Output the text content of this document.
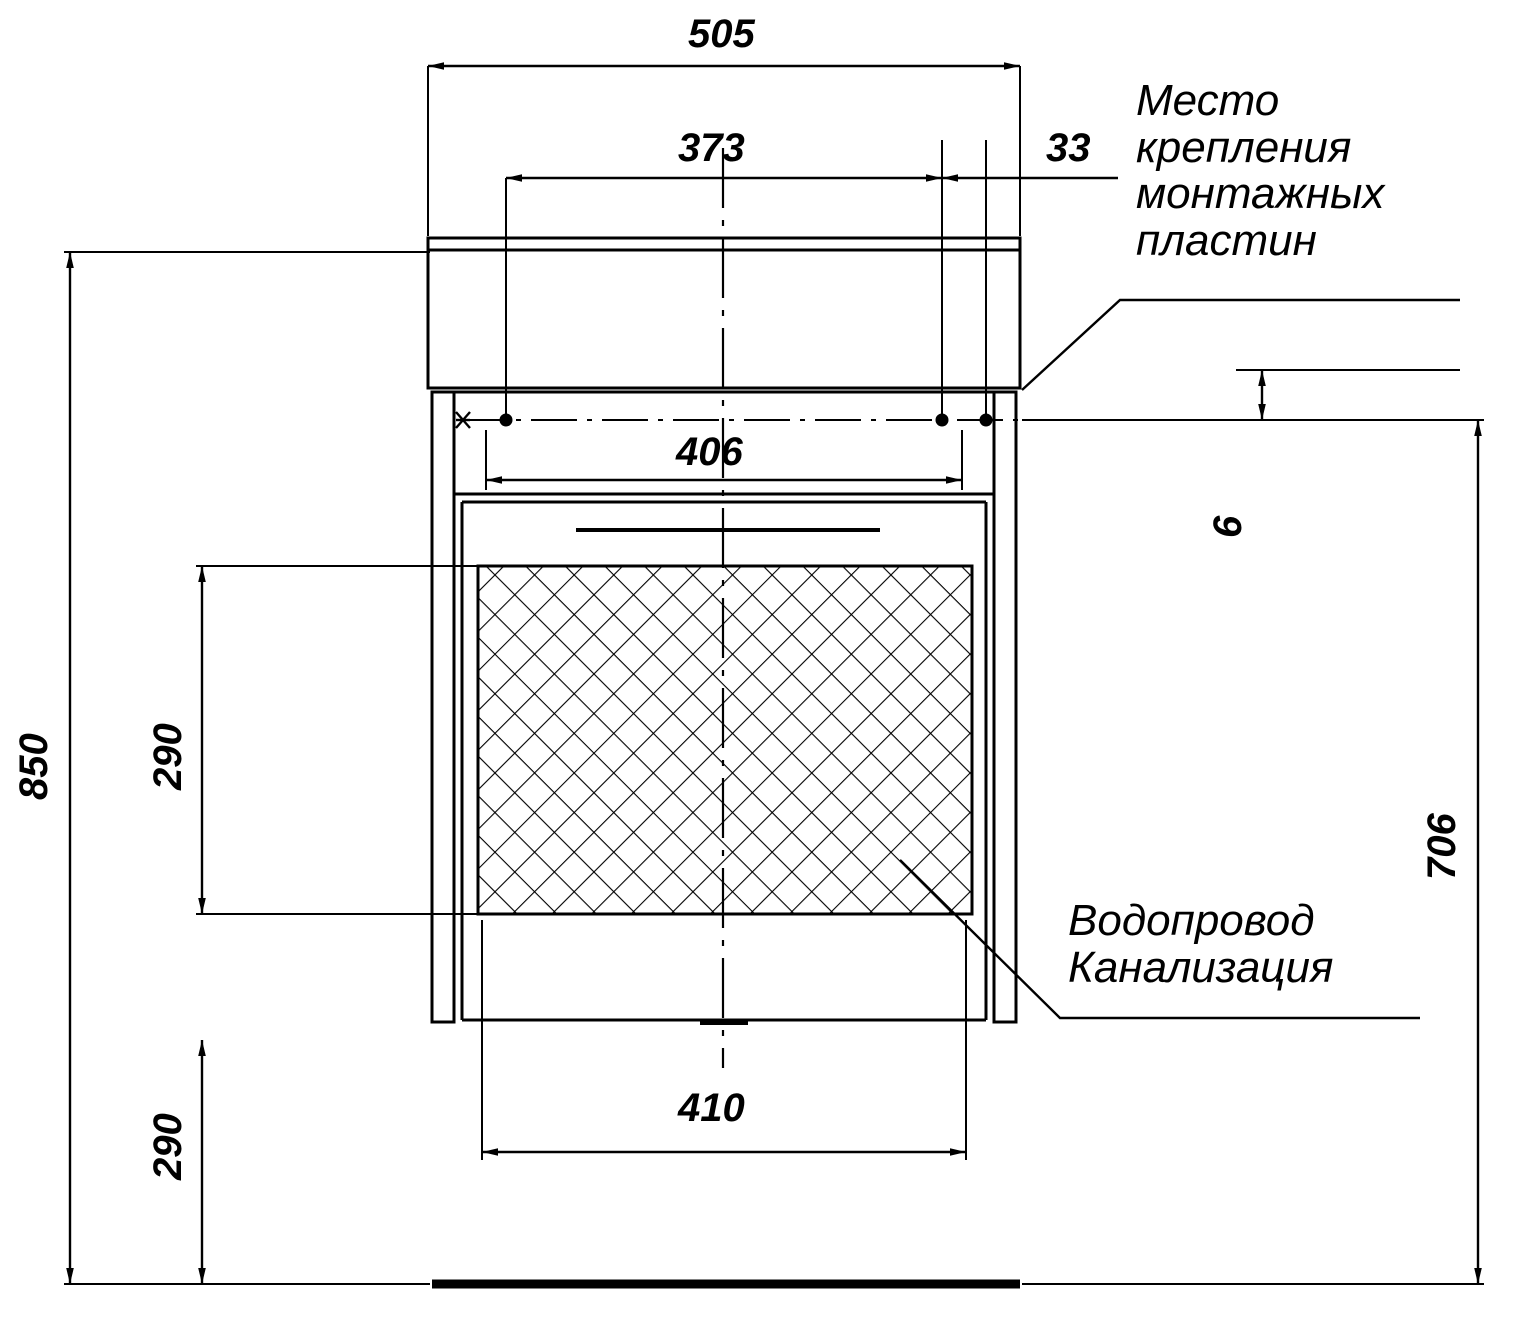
505
373	33
406
410
6
850
706
290
290
Место
крепления
монтажных
пластин
Водопровод
Канализация
